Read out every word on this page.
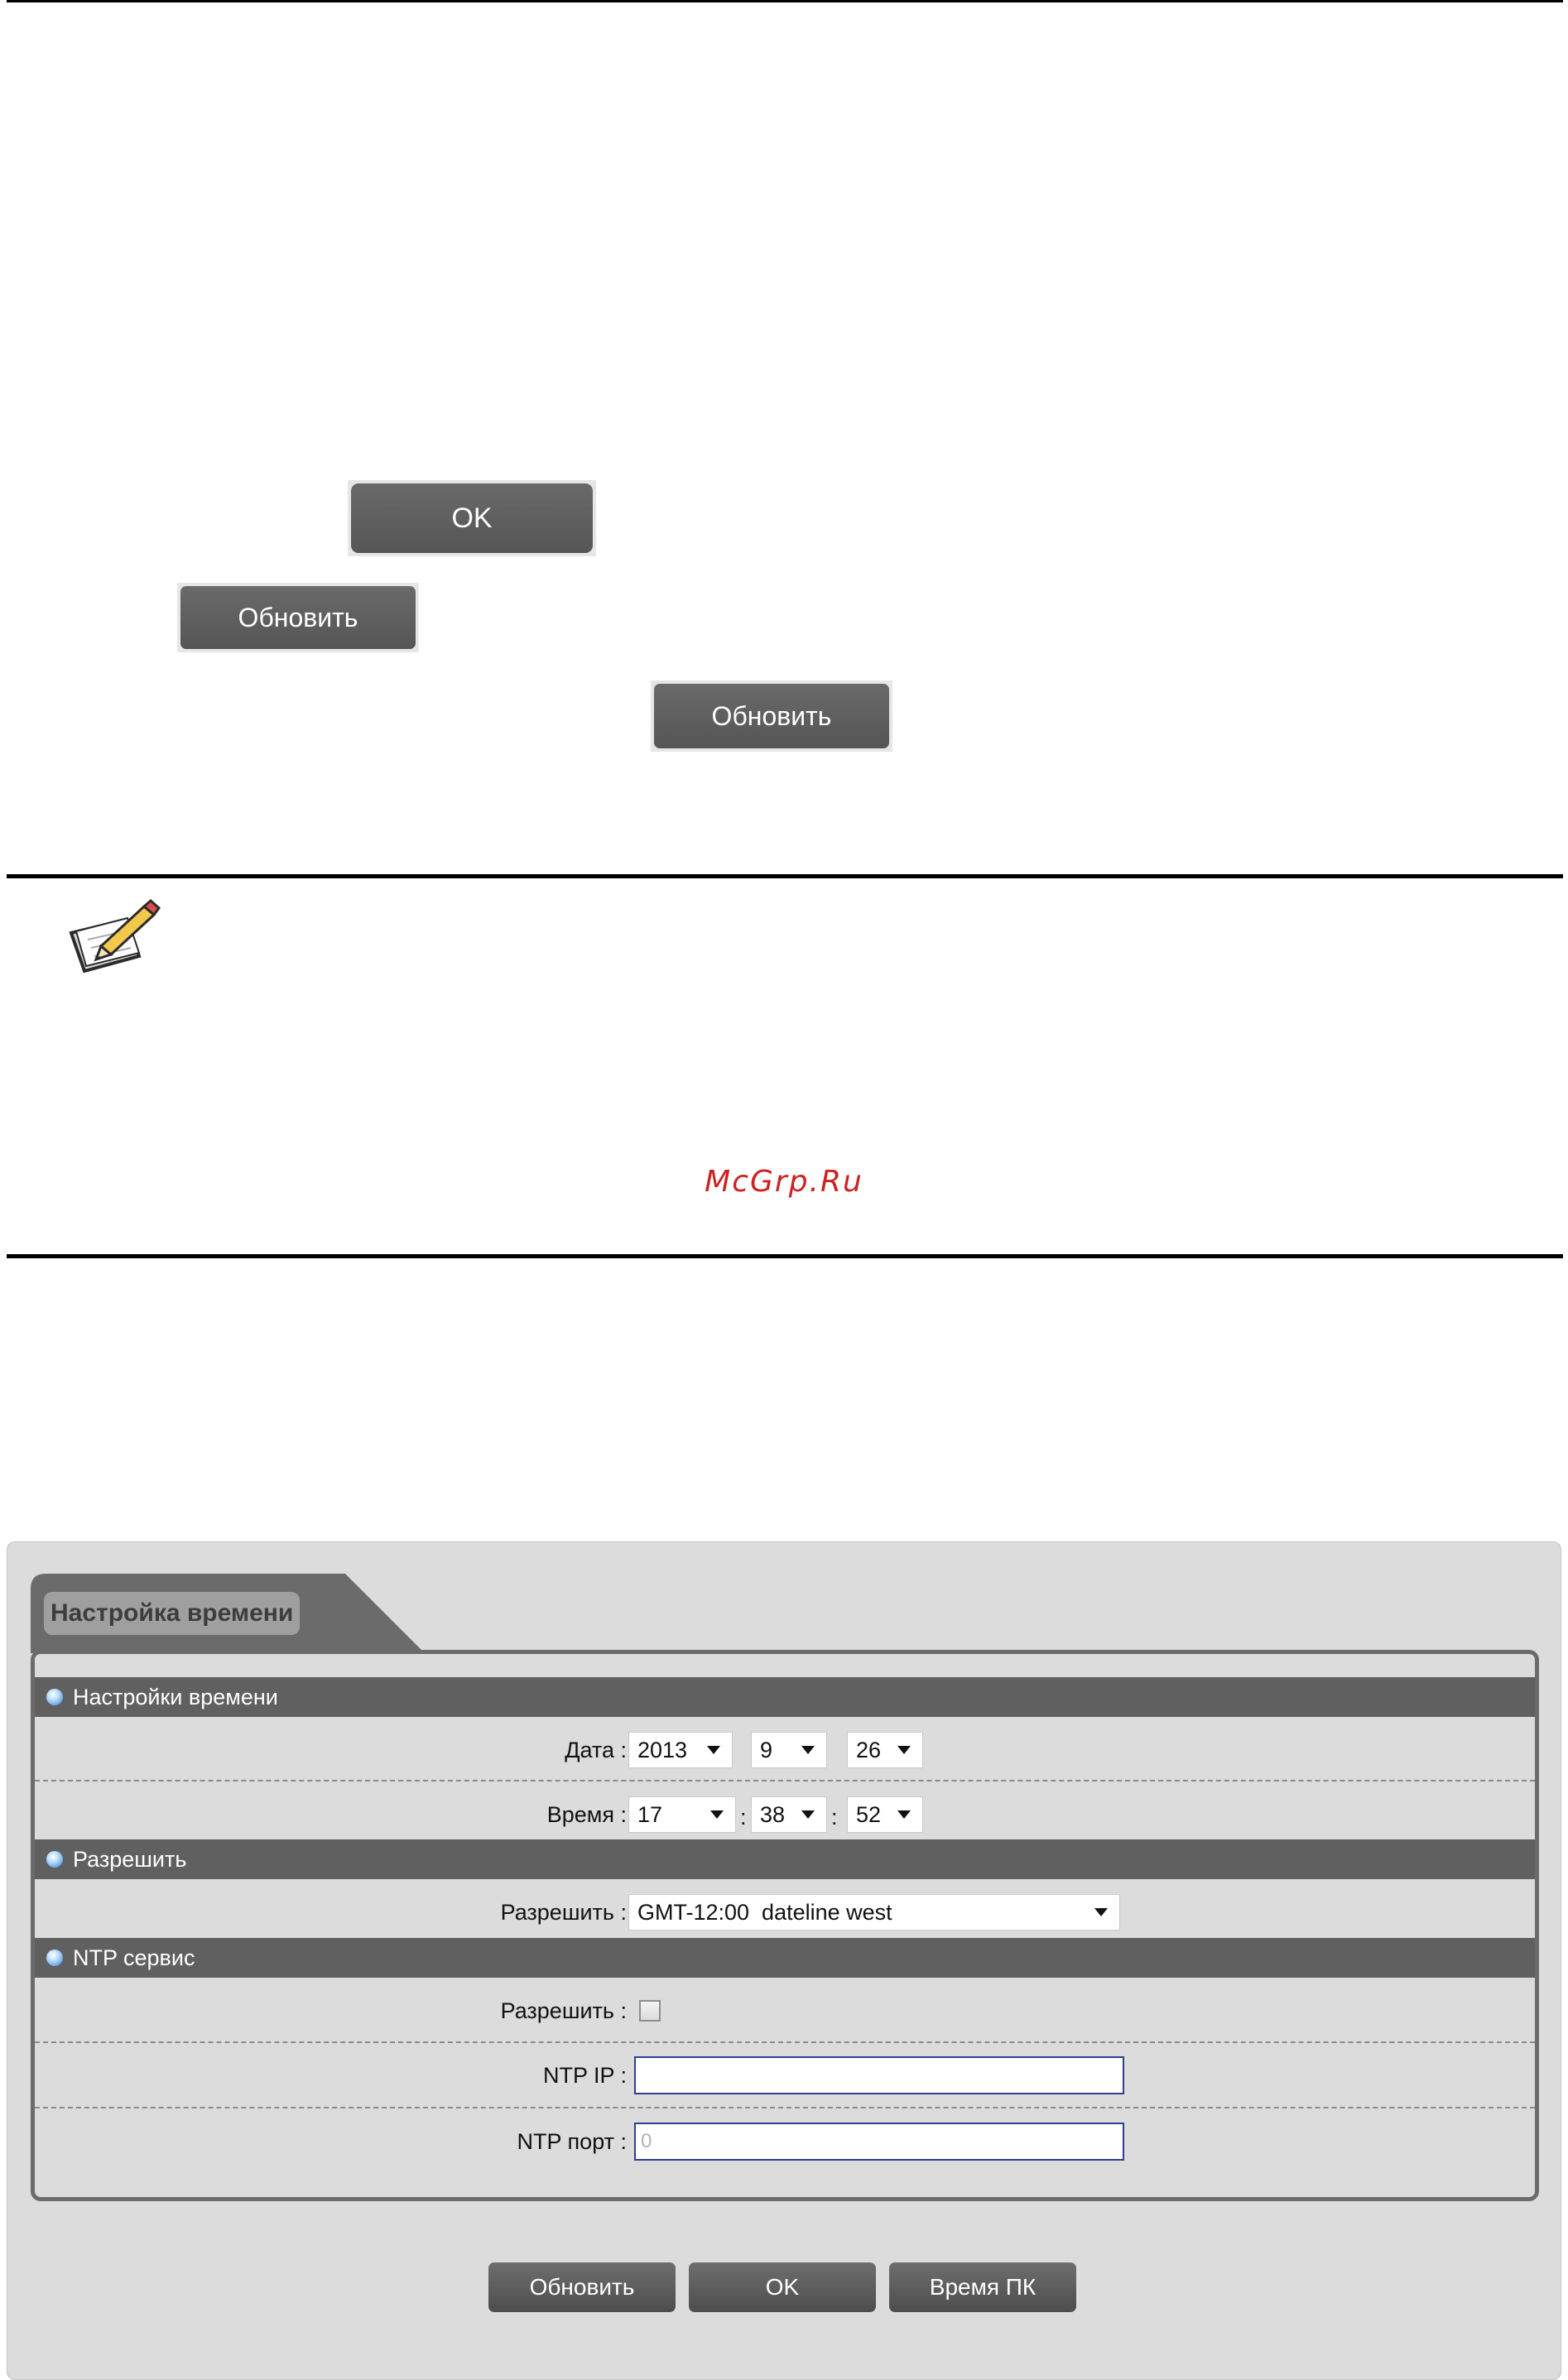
OK
Обновить
Обновить
McGrp.Ru
Настройка времени
Настройки времени
Дата : 2013	9	26
Время : 17	: 38	: 52
Разрешить
Разрешить : GMT-12:00  dateline west
NTP сервис
Разрешить :
NTP IP :
NTP порт : 0
Обновить	OK	Время ПК
